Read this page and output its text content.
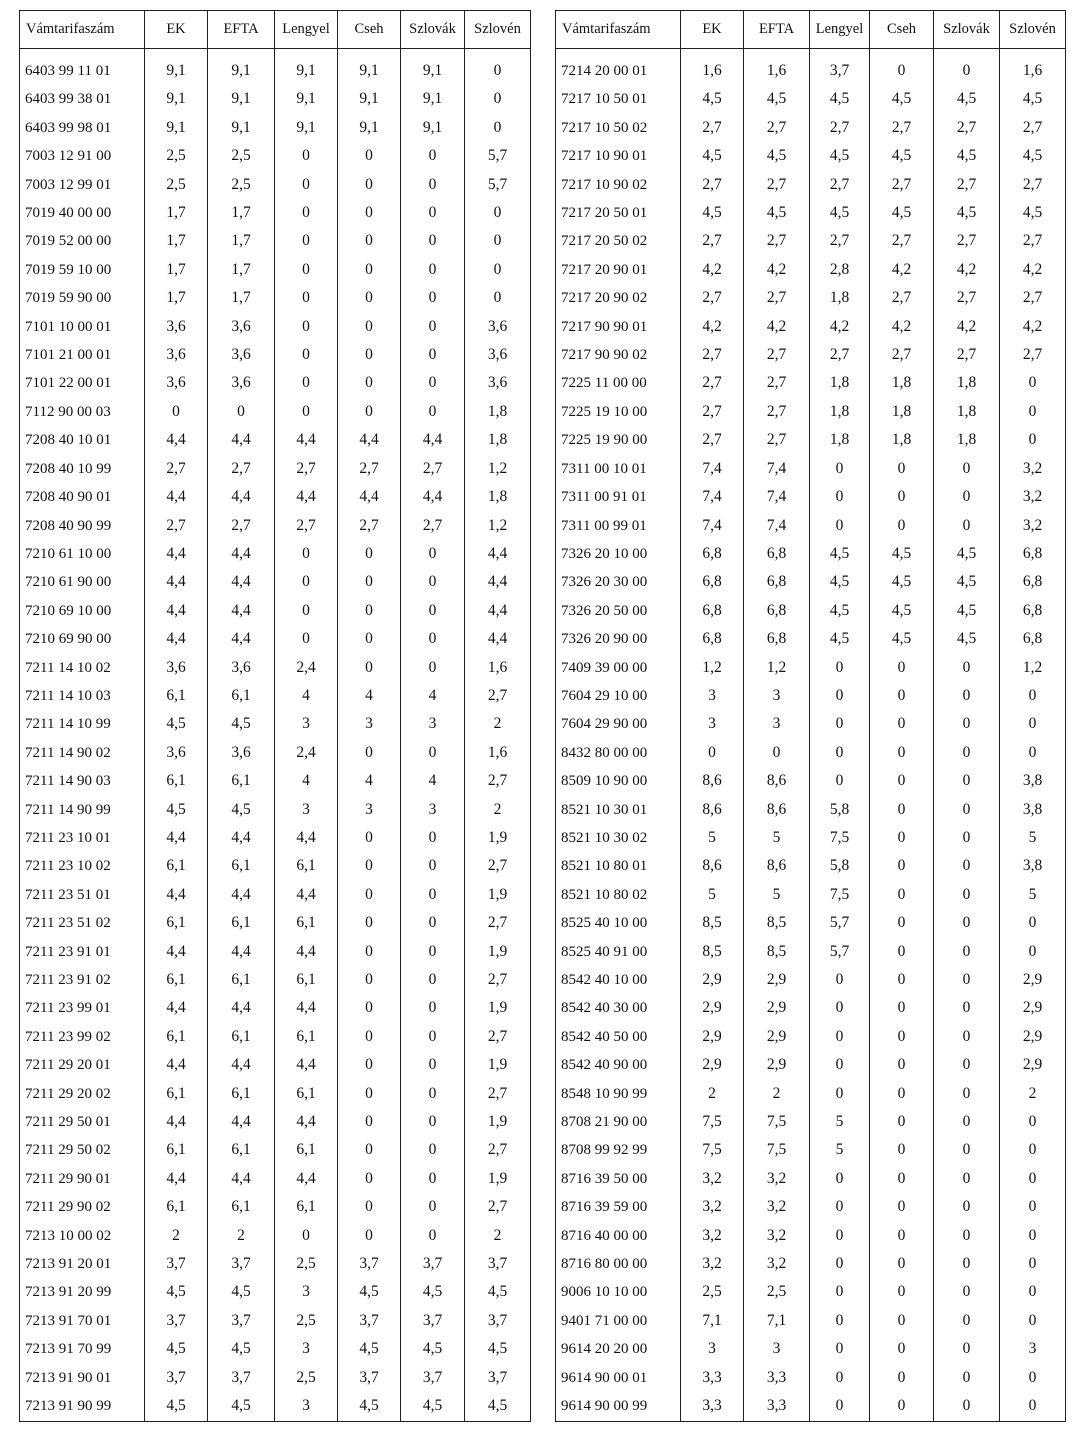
Vámtarifaszám	EK	EFTA	Lengyel	Cseh	Szlovák	Szlovén
6403 99 11 01	9,1	9,1	9,1	9,1	9,1	0
6403 99 38 01	9,1	9,1	9,1	9,1	9,1	0
6403 99 98 01	9,1	9,1	9,1	9,1	9,1	0
7003 12 91 00	2,5	2,5	0	0	0	5,7
7003 12 99 01	2,5	2,5	0	0	0	5,7
7019 40 00 00	1,7	1,7	0	0	0	0
7019 52 00 00	1,7	1,7	0	0	0	0
7019 59 10 00	1,7	1,7	0	0	0	0
7019 59 90 00	1,7	1,7	0	0	0	0
7101 10 00 01	3,6	3,6	0	0	0	3,6
7101 21 00 01	3,6	3,6	0	0	0	3,6
7101 22 00 01	3,6	3,6	0	0	0	3,6
7112 90 00 03	0	0	0	0	0	1,8
7208 40 10 01	4,4	4,4	4,4	4,4	4,4	1,8
7208 40 10 99	2,7	2,7	2,7	2,7	2,7	1,2
7208 40 90 01	4,4	4,4	4,4	4,4	4,4	1,8
7208 40 90 99	2,7	2,7	2,7	2,7	2,7	1,2
7210 61 10 00	4,4	4,4	0	0	0	4,4
7210 61 90 00	4,4	4,4	0	0	0	4,4
7210 69 10 00	4,4	4,4	0	0	0	4,4
7210 69 90 00	4,4	4,4	0	0	0	4,4
7211 14 10 02	3,6	3,6	2,4	0	0	1,6
7211 14 10 03	6,1	6,1	4	4	4	2,7
7211 14 10 99	4,5	4,5	3	3	3	2
7211 14 90 02	3,6	3,6	2,4	0	0	1,6
7211 14 90 03	6,1	6,1	4	4	4	2,7
7211 14 90 99	4,5	4,5	3	3	3	2
7211 23 10 01	4,4	4,4	4,4	0	0	1,9
7211 23 10 02	6,1	6,1	6,1	0	0	2,7
7211 23 51 01	4,4	4,4	4,4	0	0	1,9
7211 23 51 02	6,1	6,1	6,1	0	0	2,7
7211 23 91 01	4,4	4,4	4,4	0	0	1,9
7211 23 91 02	6,1	6,1	6,1	0	0	2,7
7211 23 99 01	4,4	4,4	4,4	0	0	1,9
7211 23 99 02	6,1	6,1	6,1	0	0	2,7
7211 29 20 01	4,4	4,4	4,4	0	0	1,9
7211 29 20 02	6,1	6,1	6,1	0	0	2,7
7211 29 50 01	4,4	4,4	4,4	0	0	1,9
7211 29 50 02	6,1	6,1	6,1	0	0	2,7
7211 29 90 01	4,4	4,4	4,4	0	0	1,9
7211 29 90 02	6,1	6,1	6,1	0	0	2,7
7213 10 00 02	2	2	0	0	0	2
7213 91 20 01	3,7	3,7	2,5	3,7	3,7	3,7
7213 91 20 99	4,5	4,5	3	4,5	4,5	4,5
7213 91 70 01	3,7	3,7	2,5	3,7	3,7	3,7
7213 91 70 99	4,5	4,5	3	4,5	4,5	4,5
7213 91 90 01	3,7	3,7	2,5	3,7	3,7	3,7
7213 91 90 99	4,5	4,5	3	4,5	4,5	4,5
Vámtarifaszám	EK	EFTA	Lengyel	Cseh	Szlovák	Szlovén
7214 20 00 01	1,6	1,6	3,7	0	0	1,6
7217 10 50 01	4,5	4,5	4,5	4,5	4,5	4,5
7217 10 50 02	2,7	2,7	2,7	2,7	2,7	2,7
7217 10 90 01	4,5	4,5	4,5	4,5	4,5	4,5
7217 10 90 02	2,7	2,7	2,7	2,7	2,7	2,7
7217 20 50 01	4,5	4,5	4,5	4,5	4,5	4,5
7217 20 50 02	2,7	2,7	2,7	2,7	2,7	2,7
7217 20 90 01	4,2	4,2	2,8	4,2	4,2	4,2
7217 20 90 02	2,7	2,7	1,8	2,7	2,7	2,7
7217 90 90 01	4,2	4,2	4,2	4,2	4,2	4,2
7217 90 90 02	2,7	2,7	2,7	2,7	2,7	2,7
7225 11 00 00	2,7	2,7	1,8	1,8	1,8	0
7225 19 10 00	2,7	2,7	1,8	1,8	1,8	0
7225 19 90 00	2,7	2,7	1,8	1,8	1,8	0
7311 00 10 01	7,4	7,4	0	0	0	3,2
7311 00 91 01	7,4	7,4	0	0	0	3,2
7311 00 99 01	7,4	7,4	0	0	0	3,2
7326 20 10 00	6,8	6,8	4,5	4,5	4,5	6,8
7326 20 30 00	6,8	6,8	4,5	4,5	4,5	6,8
7326 20 50 00	6,8	6,8	4,5	4,5	4,5	6,8
7326 20 90 00	6,8	6,8	4,5	4,5	4,5	6,8
7409 39 00 00	1,2	1,2	0	0	0	1,2
7604 29 10 00	3	3	0	0	0	0
7604 29 90 00	3	3	0	0	0	0
8432 80 00 00	0	0	0	0	0	0
8509 10 90 00	8,6	8,6	0	0	0	3,8
8521 10 30 01	8,6	8,6	5,8	0	0	3,8
8521 10 30 02	5	5	7,5	0	0	5
8521 10 80 01	8,6	8,6	5,8	0	0	3,8
8521 10 80 02	5	5	7,5	0	0	5
8525 40 10 00	8,5	8,5	5,7	0	0	0
8525 40 91 00	8,5	8,5	5,7	0	0	0
8542 40 10 00	2,9	2,9	0	0	0	2,9
8542 40 30 00	2,9	2,9	0	0	0	2,9
8542 40 50 00	2,9	2,9	0	0	0	2,9
8542 40 90 00	2,9	2,9	0	0	0	2,9
8548 10 90 99	2	2	0	0	0	2
8708 21 90 00	7,5	7,5	5	0	0	0
8708 99 92 99	7,5	7,5	5	0	0	0
8716 39 50 00	3,2	3,2	0	0	0	0
8716 39 59 00	3,2	3,2	0	0	0	0
8716 40 00 00	3,2	3,2	0	0	0	0
8716 80 00 00	3,2	3,2	0	0	0	0
9006 10 10 00	2,5	2,5	0	0	0	0
9401 71 00 00	7,1	7,1	0	0	0	0
9614 20 20 00	3	3	0	0	0	3
9614 90 00 01	3,3	3,3	0	0	0	0
9614 90 00 99	3,3	3,3	0	0	0	0
